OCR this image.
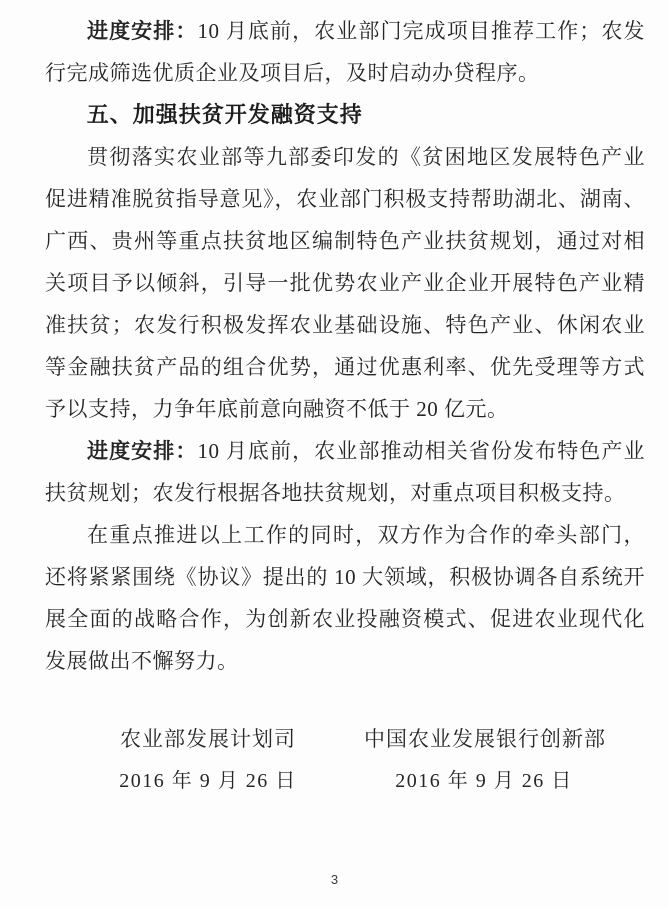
进度安排：10 月底前，农业部门完成项目推荐工作；农发行完成筛选优质企业及项目后，及时启动办贷程序。

五、加强扶贫开发融资支持

贯彻落实农业部等九部委印发的《贫困地区发展特色产业促进精准脱贫指导意见》，农业部门积极支持帮助湖北、湖南、广西、贵州等重点扶贫地区编制特色产业扶贫规划，通过对相关项目予以倾斜，引导一批优势农业产业企业开展特色产业精准扶贫；农发行积极发挥农业基础设施、特色产业、休闲农业等金融扶贫产品的组合优势，通过优惠利率、优先受理等方式予以支持，力争年底前意向融资不低于 20 亿元。

进度安排：10 月底前，农业部推动相关省份发布特色产业扶贫规划；农发行根据各地扶贫规划，对重点项目积极支持。

在重点推进以上工作的同时，双方作为合作的牵头部门，还将紧紧围绕《协议》提出的 10 大领域，积极协调各自系统开展全面的战略合作，为创新农业投融资模式、促进农业现代化发展做出不懈努力。

农业部发展计划司
2016 年 9 月 26 日
中国农业发展银行创新部
2016 年 9 月 26 日
3
